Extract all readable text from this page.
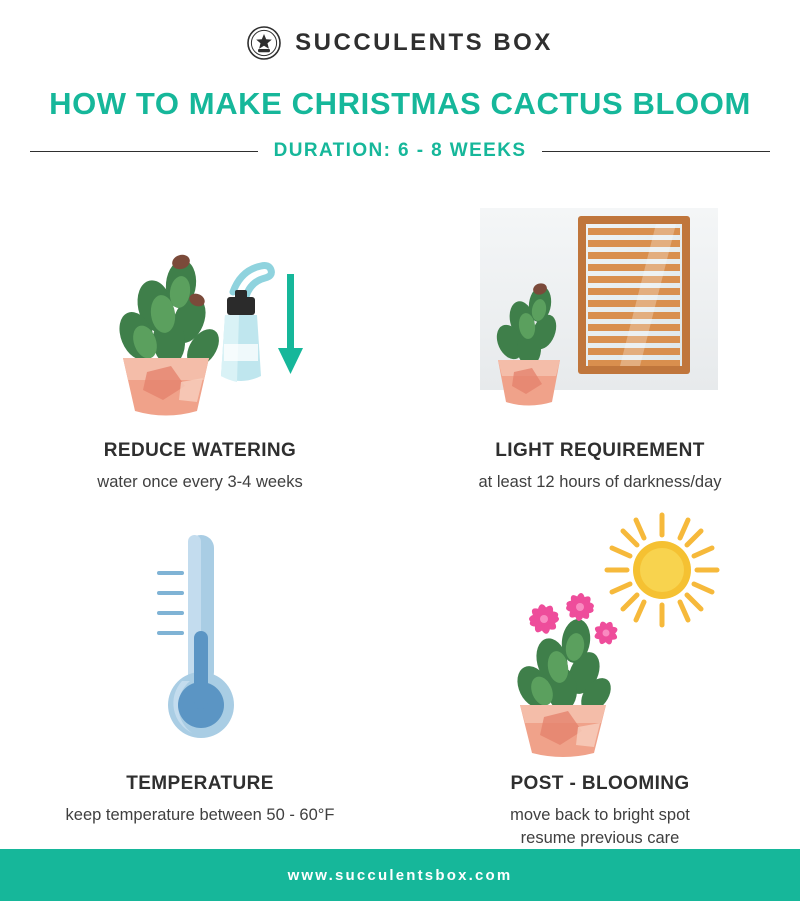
SUCCULENTS BOX
HOW TO MAKE CHRISTMAS CACTUS BLOOM
DURATION: 6 - 8 WEEKS
REDUCE WATERING
water once every 3-4 weeks
LIGHT REQUIREMENT
at least 12 hours of darkness/day
TEMPERATURE
keep temperature between 50 - 60°F
POST - BLOOMING
move back to bright spot
resume previous care
www.succulentsbox.com
